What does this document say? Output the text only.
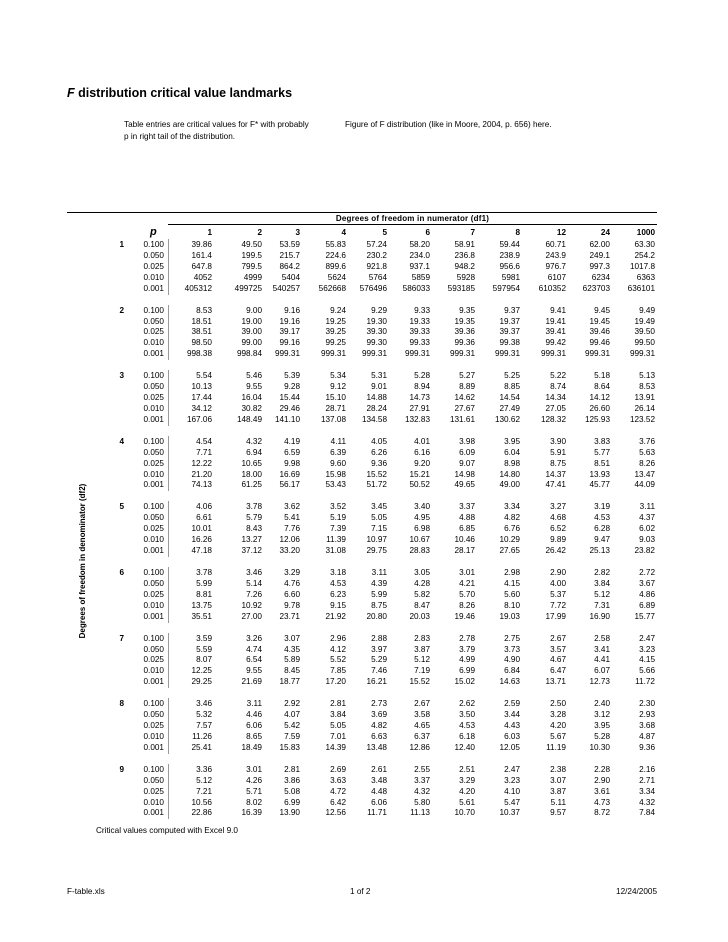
F distribution critical value landmarks
Table entries are critical values for F* with probably p in right tail of the distribution.
Figure of F distribution (like in Moore, 2004, p. 656) here.
Degrees of freedom in numerator (df1)
Degrees of freedom in denominator (df2)
p	1	2	3	4	5	6	7	8	12	24	1000
1	0.100	39.86	49.50	53.59	55.83	57.24	58.20	58.91	59.44	60.71	62.00	63.30
0.050	161.4	199.5	215.7	224.6	230.2	234.0	236.8	238.9	243.9	249.1	254.2
0.025	647.8	799.5	864.2	899.6	921.8	937.1	948.2	956.6	976.7	997.3	1017.8
0.010	4052	4999	5404	5624	5764	5859	5928	5981	6107	6234	6363
0.001	405312	499725	540257	562668	576496	586033	593185	597954	610352	623703	636101
2	0.100	8.53	9.00	9.16	9.24	9.29	9.33	9.35	9.37	9.41	9.45	9.49
0.050	18.51	19.00	19.16	19.25	19.30	19.33	19.35	19.37	19.41	19.45	19.49
0.025	38.51	39.00	39.17	39.25	39.30	39.33	39.36	39.37	39.41	39.46	39.50
0.010	98.50	99.00	99.16	99.25	99.30	99.33	99.36	99.38	99.42	99.46	99.50
0.001	998.38	998.84	999.31	999.31	999.31	999.31	999.31	999.31	999.31	999.31	999.31
3	0.100	5.54	5.46	5.39	5.34	5.31	5.28	5.27	5.25	5.22	5.18	5.13
0.050	10.13	9.55	9.28	9.12	9.01	8.94	8.89	8.85	8.74	8.64	8.53
0.025	17.44	16.04	15.44	15.10	14.88	14.73	14.62	14.54	14.34	14.12	13.91
0.010	34.12	30.82	29.46	28.71	28.24	27.91	27.67	27.49	27.05	26.60	26.14
0.001	167.06	148.49	141.10	137.08	134.58	132.83	131.61	130.62	128.32	125.93	123.52
4	0.100	4.54	4.32	4.19	4.11	4.05	4.01	3.98	3.95	3.90	3.83	3.76
0.050	7.71	6.94	6.59	6.39	6.26	6.16	6.09	6.04	5.91	5.77	5.63
0.025	12.22	10.65	9.98	9.60	9.36	9.20	9.07	8.98	8.75	8.51	8.26
0.010	21.20	18.00	16.69	15.98	15.52	15.21	14.98	14.80	14.37	13.93	13.47
0.001	74.13	61.25	56.17	53.43	51.72	50.52	49.65	49.00	47.41	45.77	44.09
5	0.100	4.06	3.78	3.62	3.52	3.45	3.40	3.37	3.34	3.27	3.19	3.11
0.050	6.61	5.79	5.41	5.19	5.05	4.95	4.88	4.82	4.68	4.53	4.37
0.025	10.01	8.43	7.76	7.39	7.15	6.98	6.85	6.76	6.52	6.28	6.02
0.010	16.26	13.27	12.06	11.39	10.97	10.67	10.46	10.29	9.89	9.47	9.03
0.001	47.18	37.12	33.20	31.08	29.75	28.83	28.17	27.65	26.42	25.13	23.82
6	0.100	3.78	3.46	3.29	3.18	3.11	3.05	3.01	2.98	2.90	2.82	2.72
0.050	5.99	5.14	4.76	4.53	4.39	4.28	4.21	4.15	4.00	3.84	3.67
0.025	8.81	7.26	6.60	6.23	5.99	5.82	5.70	5.60	5.37	5.12	4.86
0.010	13.75	10.92	9.78	9.15	8.75	8.47	8.26	8.10	7.72	7.31	6.89
0.001	35.51	27.00	23.71	21.92	20.80	20.03	19.46	19.03	17.99	16.90	15.77
7	0.100	3.59	3.26	3.07	2.96	2.88	2.83	2.78	2.75	2.67	2.58	2.47
0.050	5.59	4.74	4.35	4.12	3.97	3.87	3.79	3.73	3.57	3.41	3.23
0.025	8.07	6.54	5.89	5.52	5.29	5.12	4.99	4.90	4.67	4.41	4.15
0.010	12.25	9.55	8.45	7.85	7.46	7.19	6.99	6.84	6.47	6.07	5.66
0.001	29.25	21.69	18.77	17.20	16.21	15.52	15.02	14.63	13.71	12.73	11.72
8	0.100	3.46	3.11	2.92	2.81	2.73	2.67	2.62	2.59	2.50	2.40	2.30
0.050	5.32	4.46	4.07	3.84	3.69	3.58	3.50	3.44	3.28	3.12	2.93
0.025	7.57	6.06	5.42	5.05	4.82	4.65	4.53	4.43	4.20	3.95	3.68
0.010	11.26	8.65	7.59	7.01	6.63	6.37	6.18	6.03	5.67	5.28	4.87
0.001	25.41	18.49	15.83	14.39	13.48	12.86	12.40	12.05	11.19	10.30	9.36
9	0.100	3.36	3.01	2.81	2.69	2.61	2.55	2.51	2.47	2.38	2.28	2.16
0.050	5.12	4.26	3.86	3.63	3.48	3.37	3.29	3.23	3.07	2.90	2.71
0.025	7.21	5.71	5.08	4.72	4.48	4.32	4.20	4.10	3.87	3.61	3.34
0.010	10.56	8.02	6.99	6.42	6.06	5.80	5.61	5.47	5.11	4.73	4.32
0.001	22.86	16.39	13.90	12.56	11.71	11.13	10.70	10.37	9.57	8.72	7.84
Critical values computed with Excel 9.0
F-table.xls	1 of 2	12/24/2005
